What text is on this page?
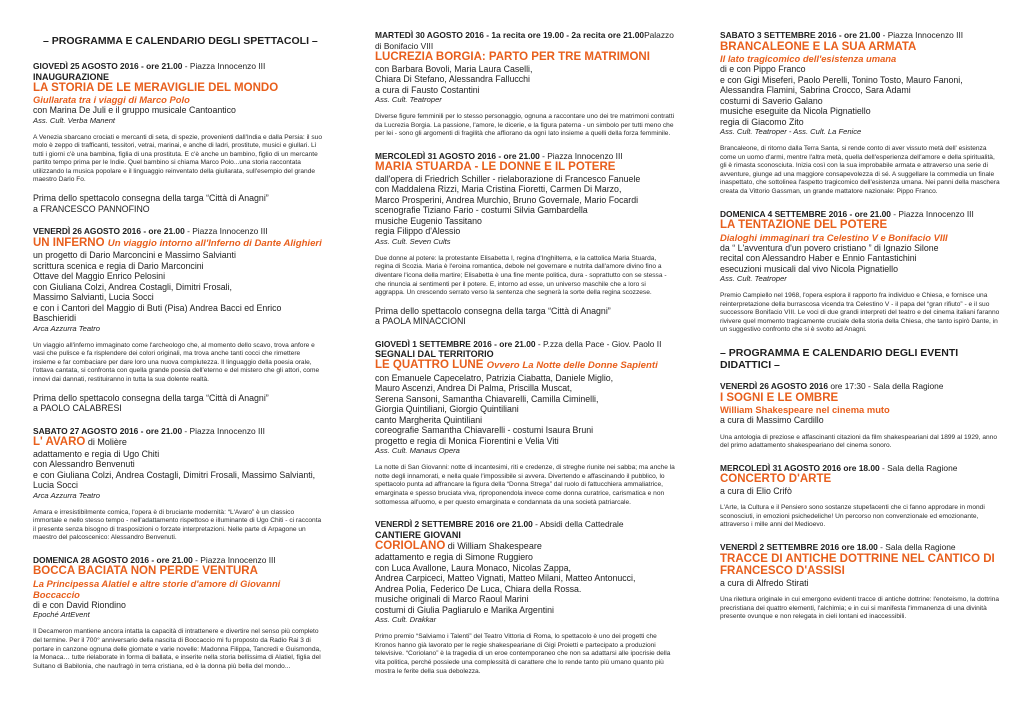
– PROGRAMMA E CALENDARIO DEGLI SPETTACOLI –
GIOVEDÌ 25 AGOSTO 2016 - ore 21.00 - Piazza Innocenzo III
INAUGURAZIONE
LA STORIA DE LE MERAVIGLIE DEL MONDO
Giullarata tra i viaggi di Marco Polo
con Marina De Juli e il gruppo musicale Cantoantico
Ass. Cult. Verba Manent
A Venezia sbarcano crociati e mercanti di seta, di spezie, provenienti dall'India e dalla Persia: il suo molo è zeppo di trafficanti, tessitori, vetrai, marinai, e anche di ladri, prostitute, musici e giullari. Lì tutti i giorni c'è una bambina, figlia di una prostituta. E c'è anche un bambino, figlio di un mercante partito tempo prima per le Indie. Quel bambino si chiama Marco Polo...una storia raccontata utilizzando la musica popolare e il linguaggio reinventato della giullarata, sull'esempio del grande maestro Dario Fo.
Prima dello spettacolo consegna della targa “Città di Anagni”
a FRANCESCO PANNOFINO
VENERDÌ 26 AGOSTO 2016 - ore 21.00 - Piazza Innocenzo III
UN INFERNO Un viaggio intorno all'Inferno di Dante Alighieri
un progetto di Dario Marconcini e Massimo Salvianti
scrittura scenica e regia di Dario Marconcini
Ottave del Maggio Enrico Pelosini
con Giuliana Colzi, Andrea Costagli, Dimitri Frosali,
Massimo Salvianti, Lucia Socci
e con i Cantori del Maggio di Buti (Pisa) Andrea Bacci ed Enrico Baschieridi
Arca Azzurra Teatro
Un viaggio all'inferno immaginato come l'archeologo che, al momento dello scavo, trova anfore e vasi che pulisce e fa risplendere dei colori originali, ma trova anche tanti cocci che rimettere insieme e far combaciare per dare loro una nuova compiutezza. Il linguaggio della poesia orale, l'ottava cantata, si confronta con quella grande poesia dell'eterno e del mistero che gli attori, come innovi dai dannati, restituiranno in tutta la sua dolente realtà.
Prima dello spettacolo consegna della targa “Città di Anagni”
a PAOLO CALABRESI
SABATO 27 AGOSTO 2016 - ore 21.00 - Piazza Innocenzo III
L' AVARO di Molière
adattamento e regia di Ugo Chiti
con Alessandro Benvenuti
e con Giuliana Colzi, Andrea Costagli, Dimitri Frosali, Massimo Salvianti, Lucia Socci
Arca Azzurra Teatro
Amara e irresistibilmente comica, l'opera è di bruciante modernità: “L'Avaro” è un classico immortale e nello stesso tempo - nell'adattamento rispettoso e illuminante di Ugo Chiti - ci racconta il presente senza bisogno di trasposizioni o forzate interpretazioni. Nelle parte di Arpagone un maestro del palcoscenico: Alessandro Benvenuti.
DOMENICA 28 AGOSTO 2016 - ore 21.00 - Piazza Innocenzo III
BOCCA BACIATA NON PERDE VENTURA
La Principessa Alatiel e altre storie d'amore di Giovanni Boccaccio
di e con David Riondino
Epoché ArtEvent
Il Decameron mantiene ancora intatta la capacità di intrattenere e divertire nel senso più completo del termine. Per il 700° anniversario della nascita di Boccaccio mi fu proposto da Radio Rai 3 di portare in canzone ognuna delle giornate e varie novelle: Madonna Filippa, Tancredi e Guismonda, la Monaca… tutte rielaborate in forma di ballata, e inserite nella storia bellissima di Alatiel, figlia del Sultano di Babilonia, che naufragò in terra cristiana, ed è la donna più bella del mondo...
MARTEDÌ 30 AGOSTO 2016 - 1a recita ore 19.00 - 2a recita ore 21.00Palazzo di Bonifacio VIII
LUCREZIA BORGIA: PARTO PER TRE MATRIMONI
con Barbara Bovoli, Maria Laura Caselli,
Chiara Di Stefano, Alessandra Fallucchi
a cura di Fausto Costantini
Ass. Cult. Teatroper
Diverse figure femminili per lo stesso personaggio, ognuna a raccontare uno dei tre matrimoni contratti da Lucrezia Borgia. La passione, l'amore, le dicerie, e la figura paterna - un simbolo per tutti meno che per lei - sono gli argomenti di fragilità che affiorano da ognì lato insieme a quelli della forza femminile.
MERCOLEDÌ 31 AGOSTO 2016 - ore 21.00 - Piazza Innocenzo III
MARIA STUARDA - LE DONNE E IL POTERE
dall'opera di Friedrich Schiller - rielaborazione di Francesco Fanuele
con Maddalena Rizzi, Maria Cristina Fioretti, Carmen Di Marzo,
Marco Prosperini, Andrea Murchio, Bruno Governale, Mario Focardi
scenografie Tiziano Fario - costumi Silvia Gambardella
musiche Eugenio Tassitano
regia Filippo d'Alessio
Ass. Cult. Seven Cults
Due donne al potere: la protestante Elisabetta I, regina d'Inghilterra, e la cattolica Maria Stuarda, regina di Scozia. Maria è l'eroina romantica, debole nel governare e nutrita dall'amore divino fino a diventare l'icona della martire; Elisabetta è una fine mente politica, dura - soprattutto con se stessa - che rinuncia ai sentimenti per il potere. E, intorno ad esse, un universo maschile che a loro si aggrappa. Un crescendo serrato verso la sentenza che segnerà la sorte della regina scozzese.
Prima dello spettacolo consegna della targa “Città di Anagni”
a PAOLA MINACCIONI
GIOVEDÌ 1 SETTEMBRE 2016 - ore 21.00 - P.zza della Pace - Giov. Paolo II
SEGNALI DAL TERRITORIO
LE QUATTRO LUNE Ovvero La Notte delle Donne Sapienti
con Emanuele Capecelatro, Patrizia Ciabatta, Daniele Miglio,
Mauro Ascenzi, Andrea Di Palma, Priscilla Muscat,
Serena Sansoni, Samantha Chiavarelli, Camilla Ciminelli,
Giorgia Quintiliani, Giorgio Quintiliani
canto Margherita Quintiliani
coreografie Samantha Chiavarelli - costumi Isaura Bruni
progetto e regia di Monica Fiorentini e Velia Viti
Ass. Cult. Manaus Opera
La notte di San Giovanni: notte di incantesimi, riti e credenze, di streghe riunite nei sabba; ma anche la notte degli innamorati, e nella quale l'impossibile si avvera. Divertendo e affascinando il pubblico, lo spettacolo punta ad affrancare la figura della “Donna Strega” dal ruolo di fattucchiera ammaliatrice, emarginata e spesso bruciata viva, riproponendola invece come donna curatrice, carismatica e non sottomessa all'uomo, e per questo emarginata e condannata da una società patriarcale.
VENERDÌ 2 SETTEMBRE 2016 ore 21.00 - Absidi della Cattedrale
CANTIERE GIOVANI
CORIOLANO di William Shakespeare
adattamento e regia di Simone Ruggiero
con Luca Avallone, Laura Monaco, Nicolas Zappa,
Andrea Carpiceci, Matteo Vignati, Matteo Milani, Matteo Antonucci,
Andrea Polia, Federico De Luca, Chiara della Rossa.
musiche originali di Marco Raoul Marini
costumi di Giulia Pagliarulo e Marika Argentini
Ass. Cult. Drakkar
Primo premio “Salviamo i Talenti” del Teatro Vittoria di Roma, lo spettacolo è uno dei progetti che Kronos hanno già lavorato per le regie shakespeariane di Gigi Proietti e partecipato a produzioni televisive. “Coriolano” è la tragedia di un eroe contemporaneo che non sa adattarsi alle ipocrisie della vita politica, perché possiede una complessità di carattere che lo rende tanto più umano quanto più mostra le ferite della sua debolezza.
SABATO 3 SETTEMBRE 2016 - ore 21.00 - Piazza Innocenzo III
BRANCALEONE E LA SUA ARMATA
Il lato tragicomico dell'esistenza umana
di e con Pippo Franco
e con Gigi Miseferi, Paolo Perelli, Tonino Tosto, Mauro Fanoni,
Alessandra Flamini, Sabrina Crocco, Sara Adami
costumi di Saverio Galano
musiche eseguite da Nicola Pignatiello
regia di Giacomo Zito
Ass. Cult. Teatroper - Ass. Cult. La Fenice
Brancaleone, di ritorno dalla Terra Santa, si rende conto di aver vissuto metà dell' esistenza come un uomo d'armi, mentre l'altra metà, quella dell'esperienza dell'amore e della spiritualità, gli è rimasta sconosciuta. Inizia così con la sua improbabile armata e attraverso una serie di avventure, giunge ad una maggiore consapevolezza di sé. A suggellare la commedia un finale inaspettato, che sottolinea l'aspetto tragicomico dell'esistenza umana. Nei panni della maschera creata da Vittorio Gassman, un grande mattatore nazionale: Pippo Franco.
DOMENICA 4 SETTEMBRE 2016 - ore 21.00 - Piazza Innocenzo III
LA TENTAZIONE DEL POTERE
Dialoghi immaginari tra Celestino V e Bonifacio VIII
da “ L'avventura d'un povero cristiano ” di Ignazio Silone
recital con Alessandro Haber e Ennio Fantastichini
esecuzioni musicali dal vivo Nicola Pignatiello
Ass. Cult. Teatroper
Premio Campiello nel 1968, l'opera esplora il rapporto fra individuo e Chiesa, e fornisce una reinterpretazione della burrascosa vicenda tra Celestino V - il papa del “gran rifiuto” - e il suo successore Bonifacio VIII. Le voci di due grandi interpreti del teatro e del cinema italiani faranno rivivere quel momento tragicamente cruciale della storia della Chiesa, che tanto ispirò Dante, in un suggestivo confronto che si è svolto ad Anagni.
– PROGRAMMA E CALENDARIO DEGLI EVENTI DIDATTICI –
VENERDÌ 26 AGOSTO 2016 ore 17:30 - Sala della Ragione
I SOGNI E LE OMBRE
William Shakespeare nel cinema muto
a cura di Massimo Cardillo
Una antologia di preziose e affascinanti citazioni da film shakespeariani dal 1899 al 1929, anno del primo adattamento shakespeariano del cinema sonoro.
MERCOLEDÌ 31 AGOSTO 2016 ore 18.00 - Sala della Ragione
CONCERTO D'ARTE
a cura di Elio Crifò
L'Arte, la Cultura e il Pensiero sono sostanze stupefacenti che ci fanno approdare in mondi sconosciuti, in emozioni psichedeliche! Un percorso non convenzionale ed emozionante, attraverso i mille anni del Medioevo.
VENERDÌ 2 SETTEMBRE 2016 ore 18.00 - Sala della Ragione
TRACCE DI ANTICHE DOTTRINE NEL CANTICO DI FRANCESCO D'ASSISI
a cura di Alfredo Stirati
Una rilettura originale in cui emergono evidenti tracce di antiche dottrine: l'enoteismo, la dottrina precristiana dei quattro elementi, l'alchimia; e in cui si manifesta l'immanenza di una divinità presente ovunque e non relegata in cieli lontani ed inaccessibili.
